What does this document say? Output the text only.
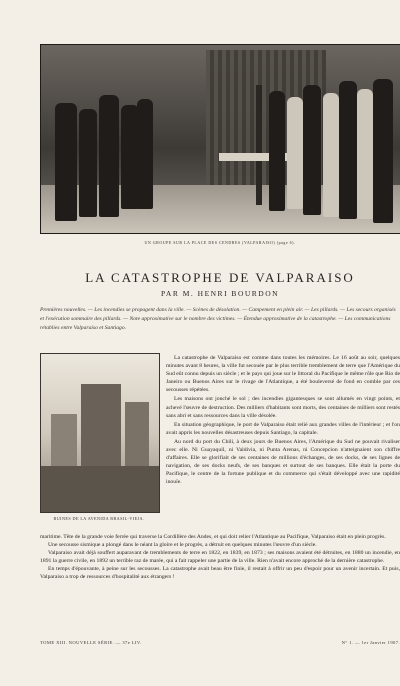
UN GROUPE SUR LA PLACE DES CENDRES (VALPARAISO) (page 6).
LA CATASTROPHE DE VALPARAISO
PAR M. HENRI BOURDON
Premières nouvelles. — Les incendies se propagent dans la ville. — Scènes de désolation. — Campement en plein air. — Les pillards. — Les secours organisés et l'exécution sommaire des pillards. — Note approximative sur le nombre des victimes. — Étendue approximative de la catastrophe. — Les communications rétablies entre Valparaiso et Santiago.
RUINES DE LA AVENIDA BRASIL-VIEJA.

La catastrophe de Valparaiso est comme dans toutes les mémoires. Le 16 août au soir, quelques minutes avant 8 heures, la ville fut secouée par le plus terrible tremblement de terre que l'Amérique du Sud eût connu depuis un siècle ; et le pays qui joue sur le littoral du Pacifique le même rôle que Rio de Janeiro ou Buenos Aires sur le rivage de l'Atlantique, a été bouleversé de fond en comble par ces secousses répétées.

Les maisons ont jonché le sol ; des incendies gigantesques se sont allumés en vingt points, et achevé l'œuvre de destruction. Des milliers d'habitants sont morts, des centaines de milliers sont restés sans abri et sans ressources dans la ville désolée.

En situation géographique, le port de Valparaiso était relié aux grandes villes de l'intérieur ; et l'on avait appris les nouvelles désastreuses depuis Santiago, la capitale.

Au nord du port du Chili, à deux jours de Buenos Aires, l'Amérique du Sud ne pouvait rivaliser avec elle. Ni Guayaquil, ni Valdivia, ni Punta Arenas, ni Concepcion n'atteignaient son chiffre d'affaires. Elle se glorifiait de ses centaines de millions d'échanges, de ses docks, de ses lignes de navigation, de ses docks neufs, de ses banques et surtout de ses banques. Elle était la porte du Pacifique, le centre de la fortune publique et du commerce qui s'était développé avec une rapidité inouïe.

maritime. Tête de la grande voie ferrée qui traverse la Cordillère des Andes, et qui doit relier l'Atlantique au Pacifique, Valparaiso était en plein progrès.

Une secousse sismique a plongé dans le néant la gloire et le progrès, a détruit en quelques minutes l'œuvre d'un siècle.

Valparaiso avait déjà souffert auparavant de tremblements de terre en 1822, en 1839, en 1873 ; ses maisons avaient été détruites, en 1880 un incendie, en 1891 la guerre civile, en 1892 un terrible raz de marée, qui a fait rappeler une partie de la ville. Rien n'avait encore approché de la dernière catastrophe.

En temps d'épouvante, à peine sur les secousses. La catastrophe avait beau être finie, il restait à offrir un peu d'espoir pour un avenir incertain. Et puis, Valparaiso a trop de ressources d'hospitalité aux étrangers !

TOME XIII. NOUVELLE SÉRIE. — 37e LIV.	N° 1. — 1er Janvier 1907.
